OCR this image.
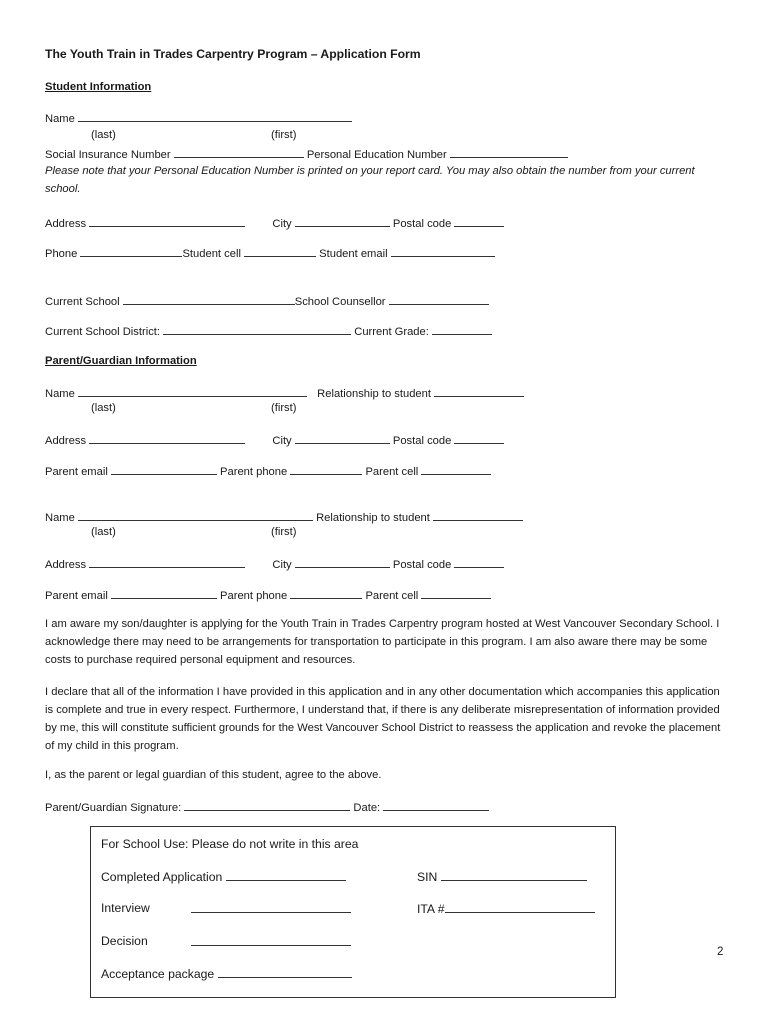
The Youth Train in Trades Carpentry Program – Application Form
Student Information
Name
(last)	(first)
Social Insurance Number	Personal Education Number
Please note that your Personal Education Number is printed on your report card. You may also obtain the number from your current
school.
Address	City	Postal code
Phone	Student cell	Student email
Current School	School Counsellor
Current School District:	Current Grade:
Parent/Guardian Information
Name	Relationship to student
(last)	(first)
Address	City	Postal code
Parent email	Parent phone	Parent cell
Name	Relationship to student
(last)	(first)
Address	City	Postal code
Parent email	Parent phone	Parent cell
I am aware my son/daughter is applying for the Youth Train in Trades Carpentry program hosted at West Vancouver Secondary School. I acknowledge there may need to be arrangements for transportation to participate in this program. I am also aware there may be some costs to purchase required personal equipment and resources.
I declare that all of the information I have provided in this application and in any other documentation which accompanies this application is complete and true in every respect. Furthermore, I understand that, if there is any deliberate misrepresentation of information provided by me, this will constitute sufficient grounds for the West Vancouver School District to reassess the application and revoke the placement of my child in this program.
I, as the parent or legal guardian of this student, agree to the above.
Parent/Guardian Signature:	Date:
For School Use: Please do not write in this area
Completed Application	SIN
Interview	ITA #
Decision
Acceptance package
2
